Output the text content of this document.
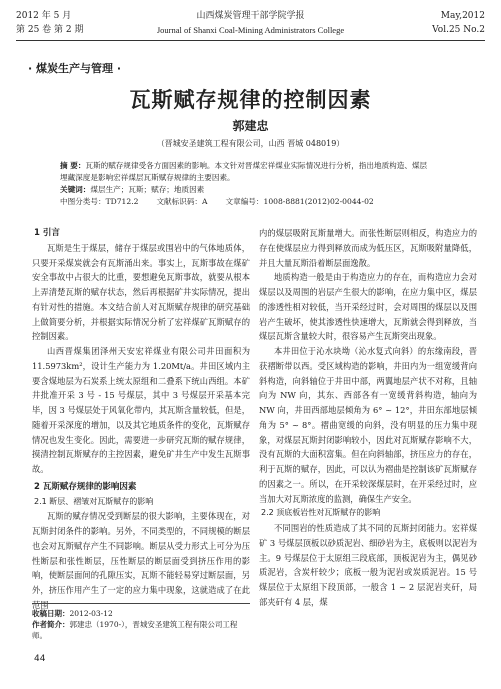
2012 年 5 月	山西煤炭管理干部学院学报	May,2012
第 25 卷 第 2 期	Journal of Shanxi Coal-Mining Administrators College	Vol.25 No.2
· 煤炭生产与管理 ·
瓦斯赋存规律的控制因素
郭建忠
（晋城安圣建筑工程有限公司，山西 晋城 048019）
摘 要：瓦斯的赋存规律受各方面因素的影响。本文针对晋煤宏祥煤业实际情况进行分析，指出地质构造、煤层
埋藏深度是影响宏祥煤层瓦斯赋存规律的主要因素。
关键词：煤层生产；瓦斯；赋存；地质因素
中图分类号：TD712.2 文献标识码：A 文章编号：1008-8881(2012)02-0044-02

1 引言

瓦斯是生于煤层，储存于煤层或围岩中的气体地质体，只要开采煤炭就会有瓦斯涌出来。事实上，瓦斯事故在煤矿安全事故中占很大的比重，要想避免瓦斯事故，就要从根本上弄清楚瓦斯的赋存状态，然后再根据矿井实际情况，提出有针对性的措施。本文结合前人对瓦斯赋存规律的研究基础上做简要分析，并根据实际情况分析了宏祥煤矿瓦斯赋存的控制因素。

山西晋煤集团泽州天安宏祥煤业有限公司井田面积为 11.5973km²，设计生产能力为 1.20Mt/a。井田区域内主要含煤地层为石炭系上统太原组和二叠系下统山西组。本矿井批准开采 3 号 - 15 号煤层，其中 3 号煤层开采基本完毕，因 3 号煤层处于风氧化带内，其瓦斯含量较低，但是，随着开采深度的增加，以及其它地质条件的变化，瓦斯赋存情况也发生变化。因此，需要进一步研究瓦斯的赋存规律，摸清控制瓦斯赋存的主控因素，避免矿井生产中发生瓦斯事故。

2 瓦斯赋存规律的影响因素

2.1 断层、褶皱对瓦斯赋存的影响

瓦斯的赋存情况受到断层的很大影响，主要体现在，对瓦斯封闭条件的影响。另外，不同类型的，不同规模的断层也会对瓦斯赋存产生不同影响。断层从受力形式上可分为压性断层和张性断层，压性断层的断层面受到挤压作用的影响，使断层面间的孔隙压实，瓦斯不能轻易穿过断层面，另外，挤压作用产生了一定的应力集中现象，这就造成了在此范围

内的煤层吸附瓦斯量增大。而张性断层则相反，构造应力的存在使煤层应力得到释放而成为低压区，瓦斯吸附量降低，并且大量瓦斯沿着断层面逸散。

地质构造一般是由于构造应力的存在，而构造应力会对煤层以及周围的岩层产生很大的影响，在应力集中区，煤层的渗透性相对较低，当开采经过时，会对周围的煤层以及围岩产生破坏，使其渗透性快速增大，瓦斯就会得到释放，当煤层瓦斯含量较大时，很容易产生瓦斯突出现象。

本井田位于沁水块坳（沁水复式向斜）的东缘南段，晋获褶断带以西。受区域构造的影响，井田内为一组宽缓背向斜构造，向斜轴位于井田中部，两翼地层产状不对称，且轴向为 NW 向，其东、西部各有一宽缓背斜构造，轴向为 NW 向，井田西部地层倾角为 6° ~ 12°，井田东部地层倾角为 5° ~ 8°。褶曲宽缓的向斜，没有明显的压力集中现象，对煤层瓦斯封闭影响较小，因此对瓦斯赋存影响不大，没有瓦斯的大面积富集。但在向斜轴部，挤压应力的存在，利于瓦斯的赋存，因此，可以认为褶曲是控制该矿瓦斯赋存的因素之一。所以，在开采较深煤层时，在开采经过时，应当加大对瓦斯浓度的监测，确保生产安全。

2.2 顶底板岩性对瓦斯赋存的影响

不同围岩的性质造成了其不同的瓦斯封闭能力。宏祥煤矿 3 号煤层顶板以砂质泥岩、细砂岩为主，底板则以泥岩为主。9 号煤层位于太原组三段底部，顶板泥岩为主，偶见砂质泥岩，含炭杆较少；底板一般为泥岩或炭质泥岩。15 号煤层位于太原组下段顶部，一般含 1 ~ 2 层泥岩夹矸，局部夹矸有 4 层，煤

收稿日期：2012-03-12
作者简介：郭建忠（1970-），晋城安圣建筑工程有限公司工程师。
44
